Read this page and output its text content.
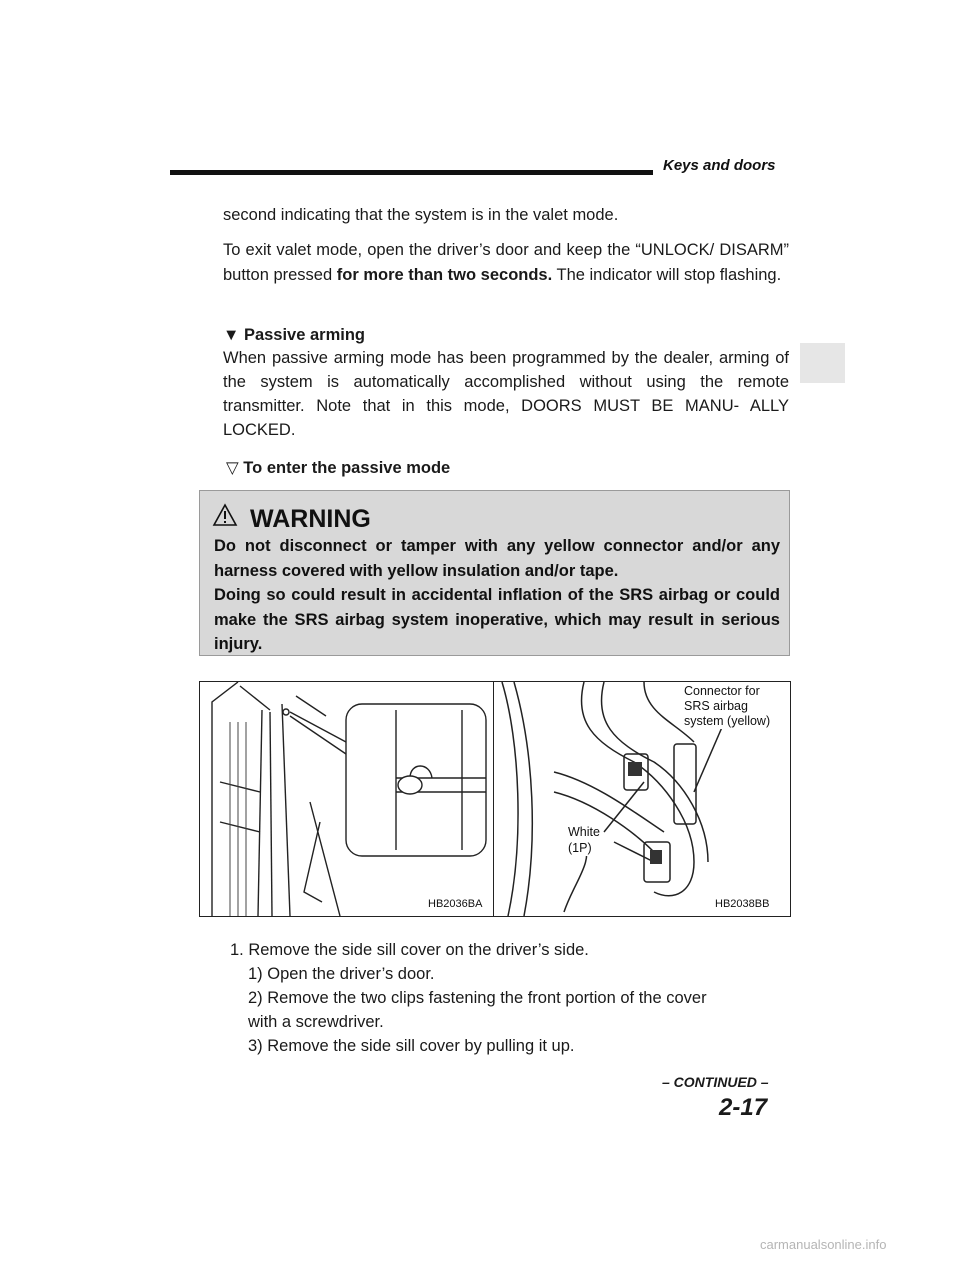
Keys and doors

second indicating that the system is in the valet mode.

To exit valet mode, open the driver’s door and keep the “UNLOCK/ DISARM” button pressed for more than two seconds. The indicator will stop flashing.

▼ Passive arming

When passive arming mode has been programmed by the dealer, arming of the system is automatically accomplished without using the remote transmitter. Note that in this mode, DOORS MUST BE MANU- ALLY LOCKED.

▽ To enter the passive mode

WARNING
Do not disconnect or tamper with any yellow connector and/or any harness covered with yellow insulation and/or tape.
Doing so could result in accidental inflation of the SRS airbag or could make the SRS airbag system inoperative, which may result in serious injury.
Connector for
SRS airbag
system (yellow)
White
(1P)
HB2036BA	HB2038BB

1. Remove the side sill cover on the driver’s side.

1) Open the driver’s door.

2) Remove the two clips fastening the front portion of the cover

with a screwdriver.

3) Remove the side sill cover by pulling it up.

– CONTINUED –
2-17
carmanualsonline.info
